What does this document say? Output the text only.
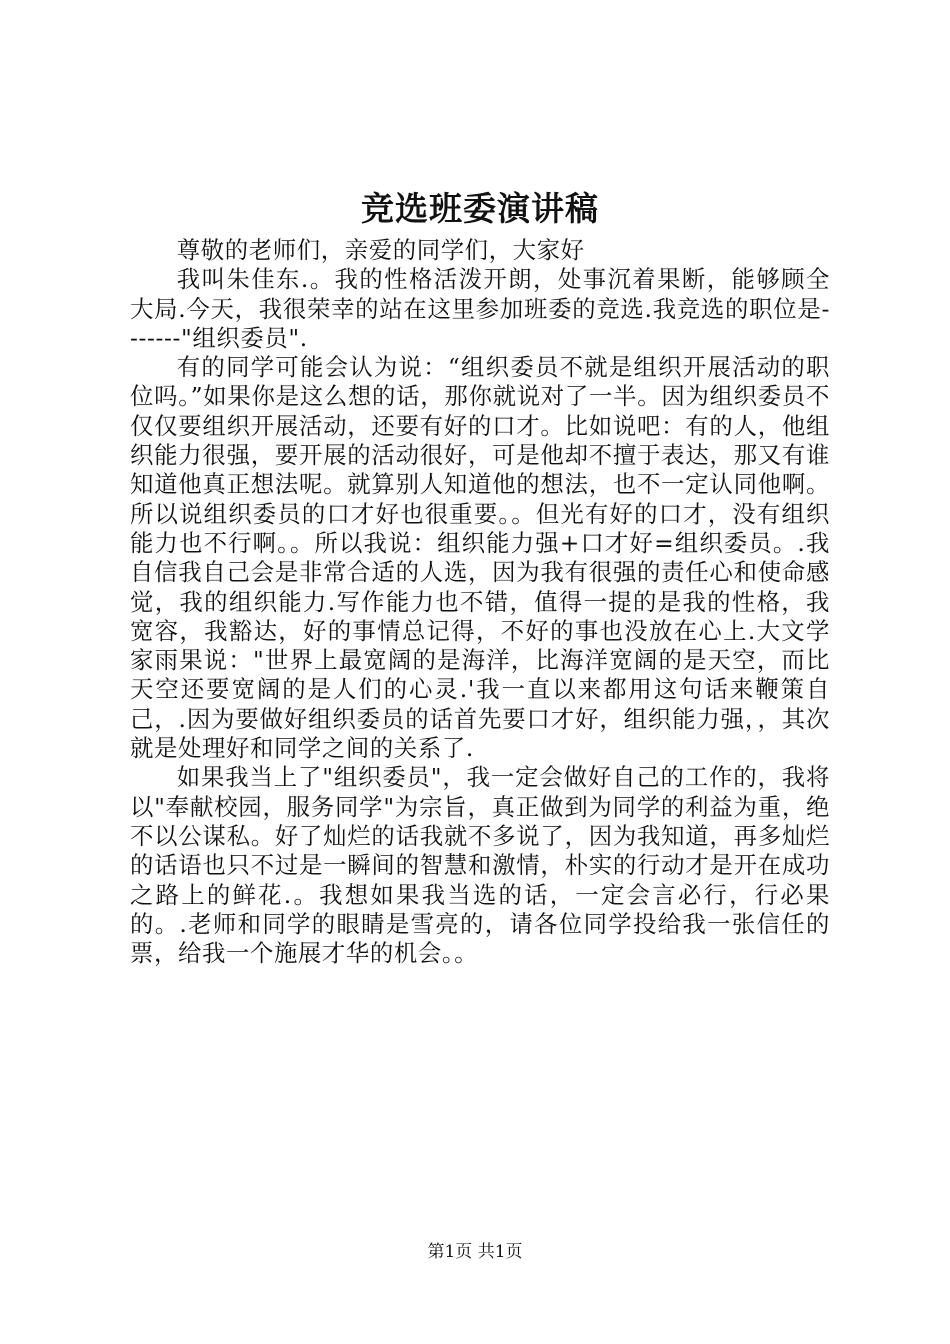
竞选班委演讲稿

尊敬的老师们，亲爱的同学们，大家好

我叫朱佳东.。我的性格活泼开朗，处事沉着果断，能够顾全大局.今天，我很荣幸的站在这里参加班委的竞选.我竞选的职位是-------"组织委员".

有的同学可能会认为说：“组织委员不就是组织开展活动的职位吗。”如果你是这么想的话，那你就说对了一半。因为组织委员不仅仅要组织开展活动，还要有好的口才。比如说吧：有的人，他组织能力很强，要开展的活动很好，可是他却不擅于表达，那又有谁知道他真正想法呢。就算别人知道他的想法，也不一定认同他啊。所以说组织委员的口才好也很重要。。但光有好的口才，没有组织能力也不行啊。。所以我说：组织能力强+口才好=组织委员。.我自信我自己会是非常合适的人选，因为我有很强的责任心和使命感觉，我的组织能力.写作能力也不错，值得一提的是我的性格，我宽容，我豁达，好的事情总记得，不好的事也没放在心上.大文学家雨果说："世界上最宽阔的是海洋，比海洋宽阔的是天空，而比天空还要宽阔的是人们的心灵.'我一直以来都用这句话来鞭策自己，.因为要做好组织委员的话首先要口才好，组织能力强，，其次就是处理好和同学之间的关系了.

如果我当上了"组织委员"，我一定会做好自己的工作的，我将以"奉献校园，服务同学"为宗旨，真正做到为同学的利益为重，绝不以公谋私。好了灿烂的话我就不多说了，因为我知道，再多灿烂的话语也只不过是一瞬间的智慧和激情，朴实的行动才是开在成功之路上的鲜花.。我想如果我当选的话，一定会言必行，行必果的。.老师和同学的眼睛是雪亮的，请各位同学投给我一张信任的票，给我一个施展才华的机会。。

第1页 共1页
